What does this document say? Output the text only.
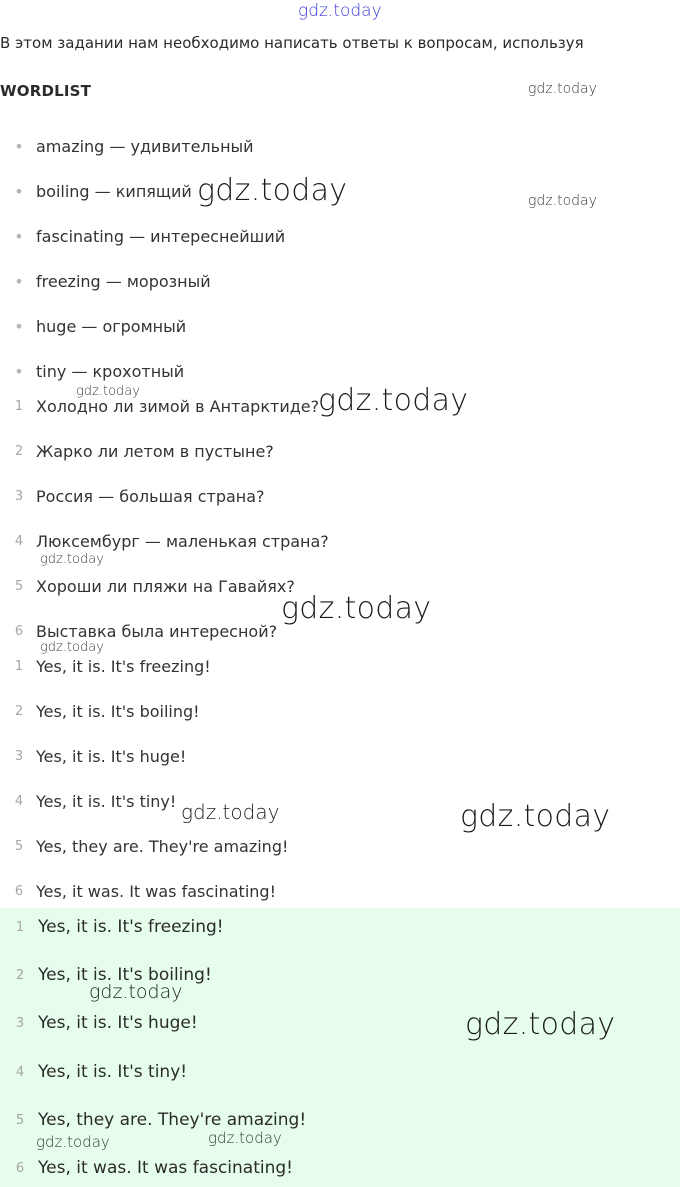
В этом задании нам необходимо написать ответы к вопросам, используя
WORDLIST
• amazing — удивительный
• boiling — кипящий
• fascinating — интереснейший
• freezing — морозный
• huge — огромный
• tiny — крохотный
1 Холодно ли зимой в Антарктиде?
2 Жарко ли летом в пустыне?
3 Россия — большая страна?
4 Люксембург — маленькая страна?
5 Хороши ли пляжи на Гавайях?
6 Выставка была интересной?
1 Yes, it is. It's freezing!
2 Yes, it is. It's boiling!
3 Yes, it is. It's huge!
4 Yes, it is. It's tiny!
5 Yes, they are. They're amazing!
6 Yes, it was. It was fascinating!
1 Yes, it is. It's freezing!
2 Yes, it is. It's boiling!
3 Yes, it is. It's huge!
4 Yes, it is. It's tiny!
5 Yes, they are. They're amazing!
6 Yes, it was. It was fascinating!
gdz.today
gdz.today
gdz.today	gdz.today
gdz.today	gdz.today
gdz.today
gdz.today
gdz.today
gdz.today	gdz.today
gdz.today
gdz.today
gdz.today	gdz.today
